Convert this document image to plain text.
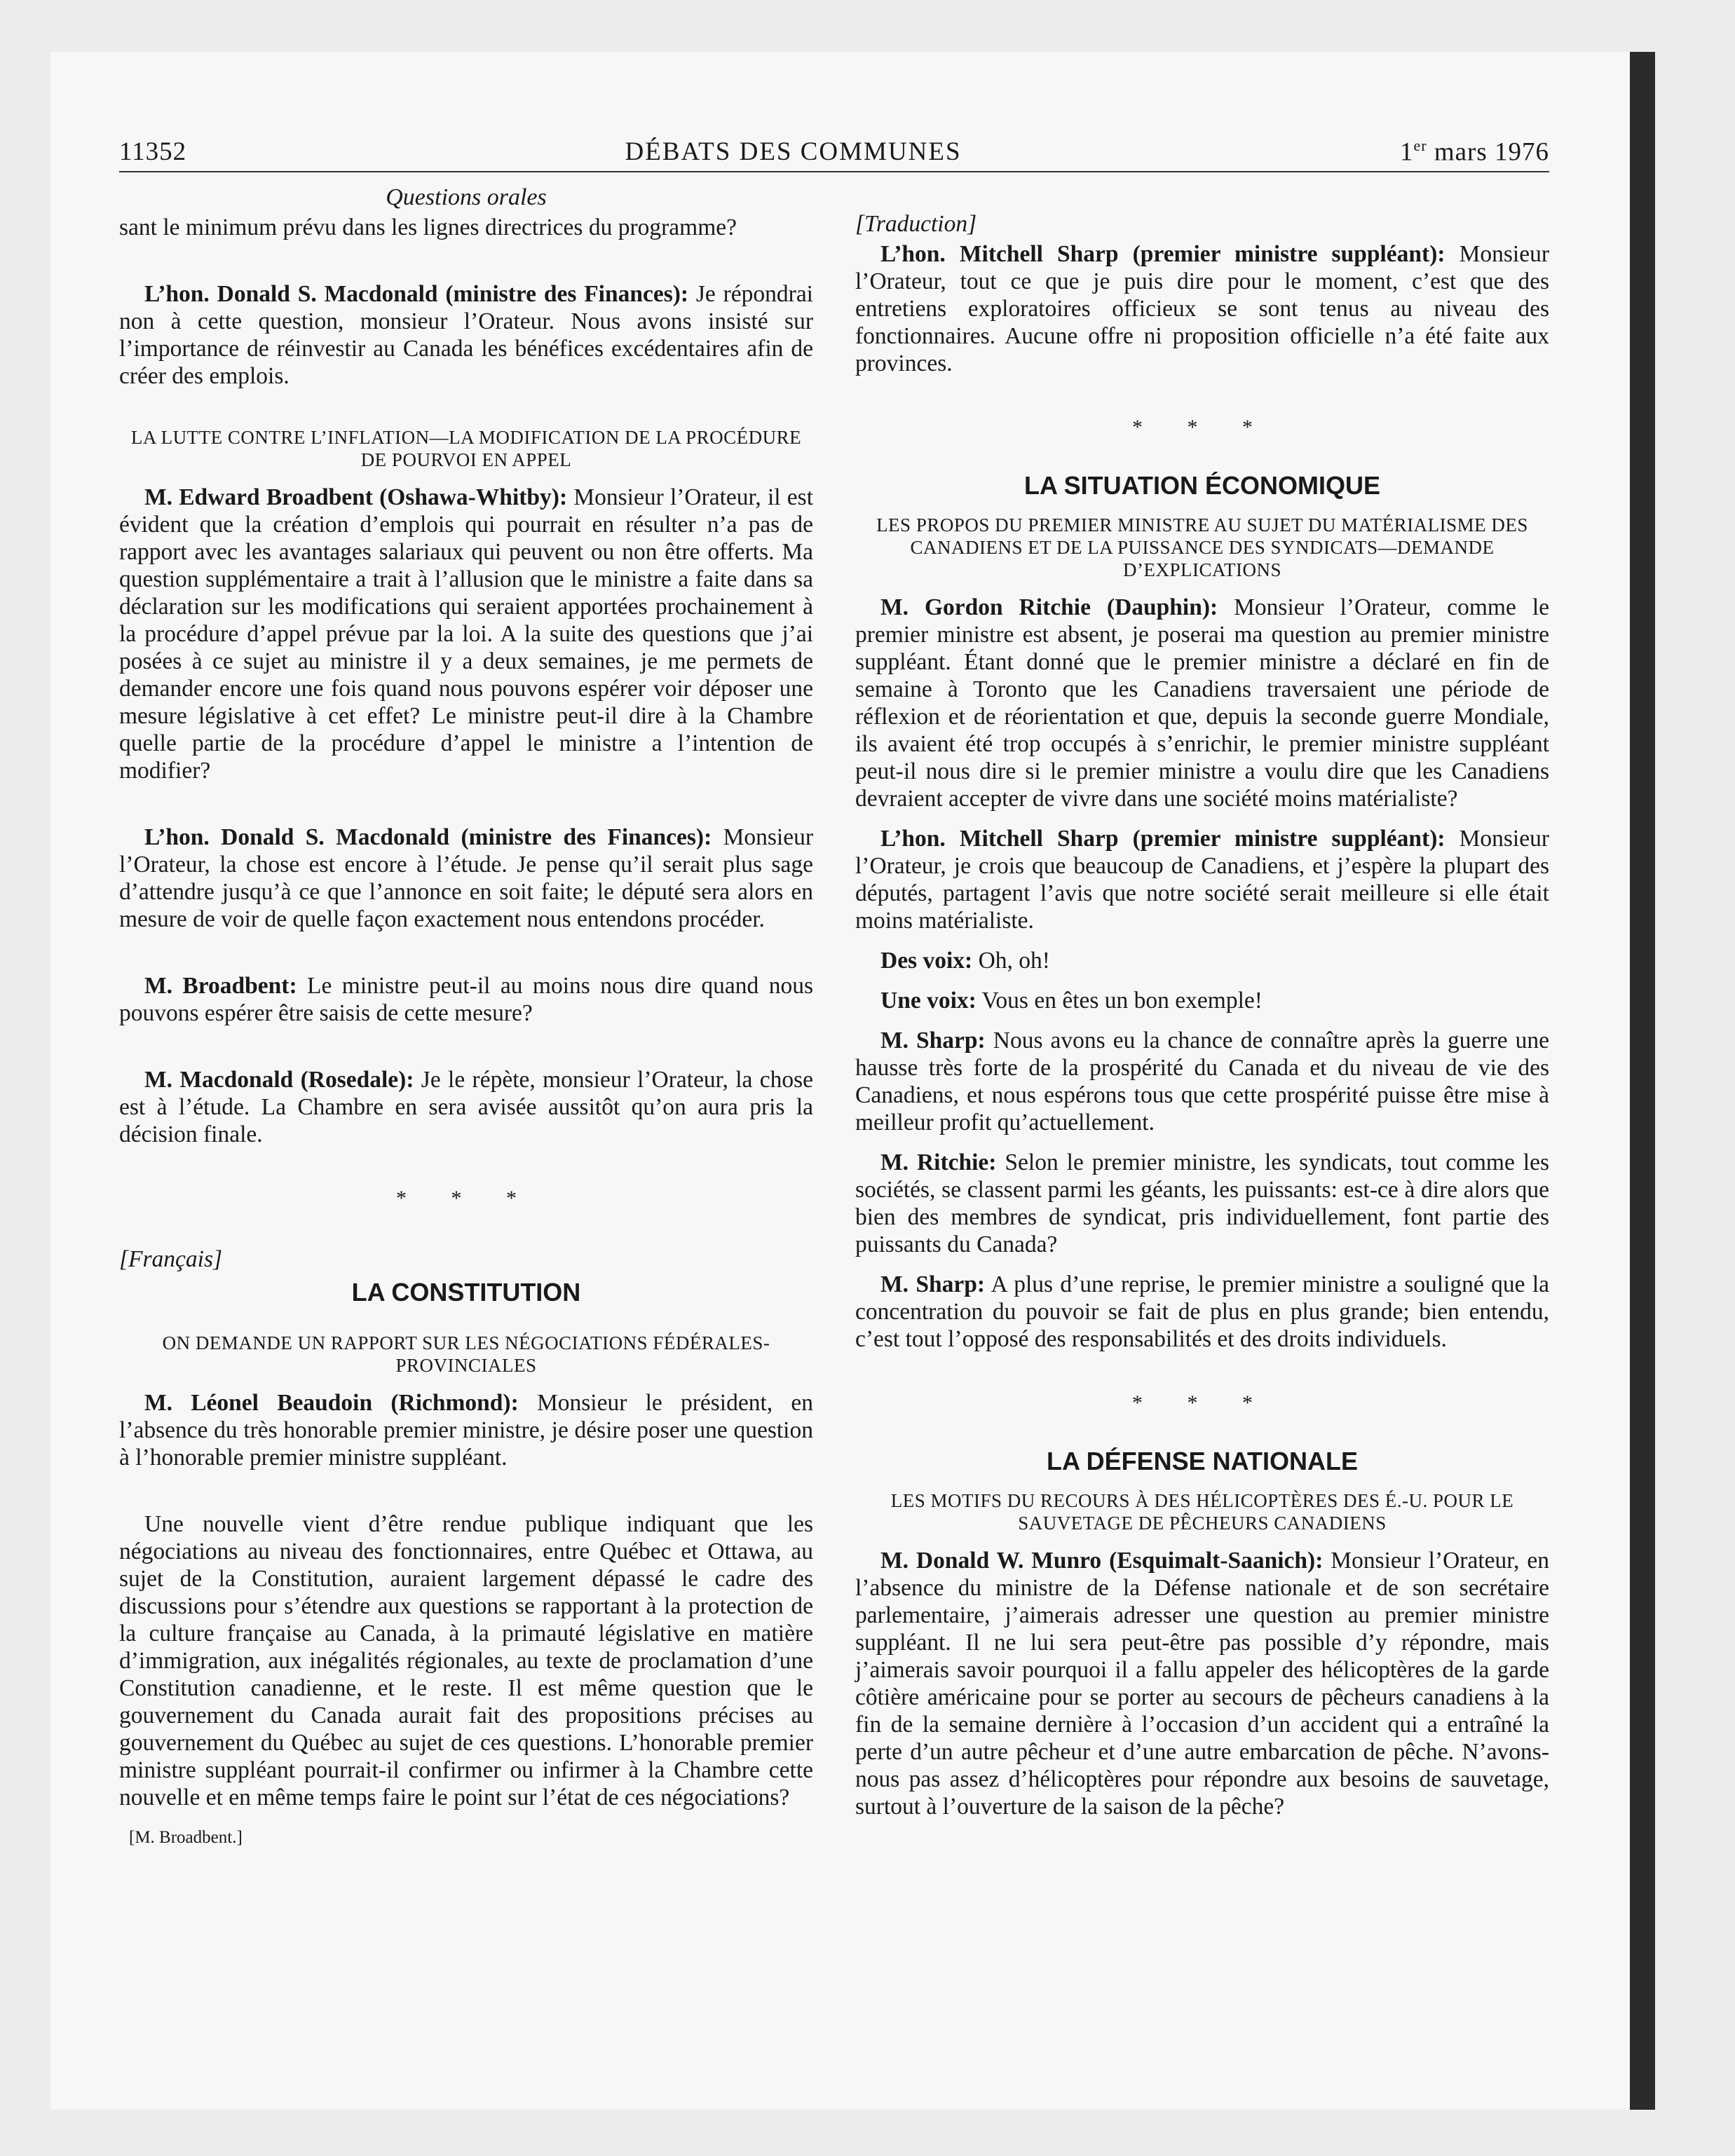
11352	DÉBATS DES COMMUNES	1er mars 1976
Questions orales

sant le minimum prévu dans les lignes directrices du programme?

L’hon. Donald S. Macdonald (ministre des Finances): Je répondrai non à cette question, monsieur l’Orateur. Nous avons insisté sur l’importance de réinvestir au Canada les bénéfices excédentaires afin de créer des emplois.

LA LUTTE CONTRE L’INFLATION—LA MODIFICATION DE LA PROCÉDURE DE POURVOI EN APPEL

M. Edward Broadbent (Oshawa-Whitby): Monsieur l’Orateur, il est évident que la création d’emplois qui pourrait en résulter n’a pas de rapport avec les avantages salariaux qui peuvent ou non être offerts. Ma question supplémentaire a trait à l’allusion que le ministre a faite dans sa déclaration sur les modifications qui seraient apportées prochainement à la procédure d’appel prévue par la loi. A la suite des questions que j’ai posées à ce sujet au ministre il y a deux semaines, je me permets de demander encore une fois quand nous pouvons espérer voir déposer une mesure législative à cet effet? Le ministre peut-il dire à la Chambre quelle partie de la procédure d’appel le ministre a l’intention de modifier?

L’hon. Donald S. Macdonald (ministre des Finances): Monsieur l’Orateur, la chose est encore à l’étude. Je pense qu’il serait plus sage d’attendre jusqu’à ce que l’annonce en soit faite; le député sera alors en mesure de voir de quelle façon exactement nous entendons procéder.

M. Broadbent: Le ministre peut-il au moins nous dire quand nous pouvons espérer être saisis de cette mesure?

M. Macdonald (Rosedale): Je le répète, monsieur l’Orateur, la chose est à l’étude. La Chambre en sera avisée aussitôt qu’on aura pris la décision finale.

* * *

[Français]

LA CONSTITUTION
ON DEMANDE UN RAPPORT SUR LES NÉGOCIATIONS FÉDÉRALES-PROVINCIALES

M. Léonel Beaudoin (Richmond): Monsieur le président, en l’absence du très honorable premier ministre, je désire poser une question à l’honorable premier ministre suppléant.

Une nouvelle vient d’être rendue publique indiquant que les négociations au niveau des fonctionnaires, entre Québec et Ottawa, au sujet de la Constitution, auraient largement dépassé le cadre des discussions pour s’étendre aux questions se rapportant à la protection de la culture française au Canada, à la primauté législative en matière d’immigration, aux inégalités régionales, au texte de proclamation d’une Constitution canadienne, et le reste. Il est même question que le gouvernement du Canada aurait fait des propositions précises au gouvernement du Québec au sujet de ces questions. L’honorable premier ministre suppléant pourrait-il confirmer ou infirmer à la Chambre cette nouvelle et en même temps faire le point sur l’état de ces négociations?

[M. Broadbent.]

[Traduction]

L’hon. Mitchell Sharp (premier ministre suppléant): Monsieur l’Orateur, tout ce que je puis dire pour le moment, c’est que des entretiens exploratoires officieux se sont tenus au niveau des fonctionnaires. Aucune offre ni proposition officielle n’a été faite aux provinces.

* * *
LA SITUATION ÉCONOMIQUE
LES PROPOS DU PREMIER MINISTRE AU SUJET DU MATÉRIALISME DES CANADIENS ET DE LA PUISSANCE DES SYNDICATS—DEMANDE D’EXPLICATIONS

M. Gordon Ritchie (Dauphin): Monsieur l’Orateur, comme le premier ministre est absent, je poserai ma question au premier ministre suppléant. Étant donné que le premier ministre a déclaré en fin de semaine à Toronto que les Canadiens traversaient une période de réflexion et de réorientation et que, depuis la seconde guerre Mondiale, ils avaient été trop occupés à s’enrichir, le premier ministre suppléant peut-il nous dire si le premier ministre a voulu dire que les Canadiens devraient accepter de vivre dans une société moins matérialiste?

L’hon. Mitchell Sharp (premier ministre suppléant): Monsieur l’Orateur, je crois que beaucoup de Canadiens, et j’espère la plupart des députés, partagent l’avis que notre société serait meilleure si elle était moins matérialiste.

Des voix: Oh, oh!

Une voix: Vous en êtes un bon exemple!

M. Sharp: Nous avons eu la chance de connaître après la guerre une hausse très forte de la prospérité du Canada et du niveau de vie des Canadiens, et nous espérons tous que cette prospérité puisse être mise à meilleur profit qu’actuellement.

M. Ritchie: Selon le premier ministre, les syndicats, tout comme les sociétés, se classent parmi les géants, les puissants: est-ce à dire alors que bien des membres de syndicat, pris individuellement, font partie des puissants du Canada?

M. Sharp: A plus d’une reprise, le premier ministre a souligné que la concentration du pouvoir se fait de plus en plus grande; bien entendu, c’est tout l’opposé des responsabilités et des droits individuels.

* * *
LA DÉFENSE NATIONALE
LES MOTIFS DU RECOURS À DES HÉLICOPTÈRES DES É.-U. POUR LE SAUVETAGE DE PÊCHEURS CANADIENS

M. Donald W. Munro (Esquimalt-Saanich): Monsieur l’Orateur, en l’absence du ministre de la Défense nationale et de son secrétaire parlementaire, j’aimerais adresser une question au premier ministre suppléant. Il ne lui sera peut-être pas possible d’y répondre, mais j’aimerais savoir pourquoi il a fallu appeler des hélicoptères de la garde côtière américaine pour se porter au secours de pêcheurs canadiens à la fin de la semaine dernière à l’occasion d’un accident qui a entraîné la perte d’un autre pêcheur et d’une autre embarcation de pêche. N’avons-nous pas assez d’hélicoptères pour répondre aux besoins de sauvetage, surtout à l’ouverture de la saison de la pêche?
